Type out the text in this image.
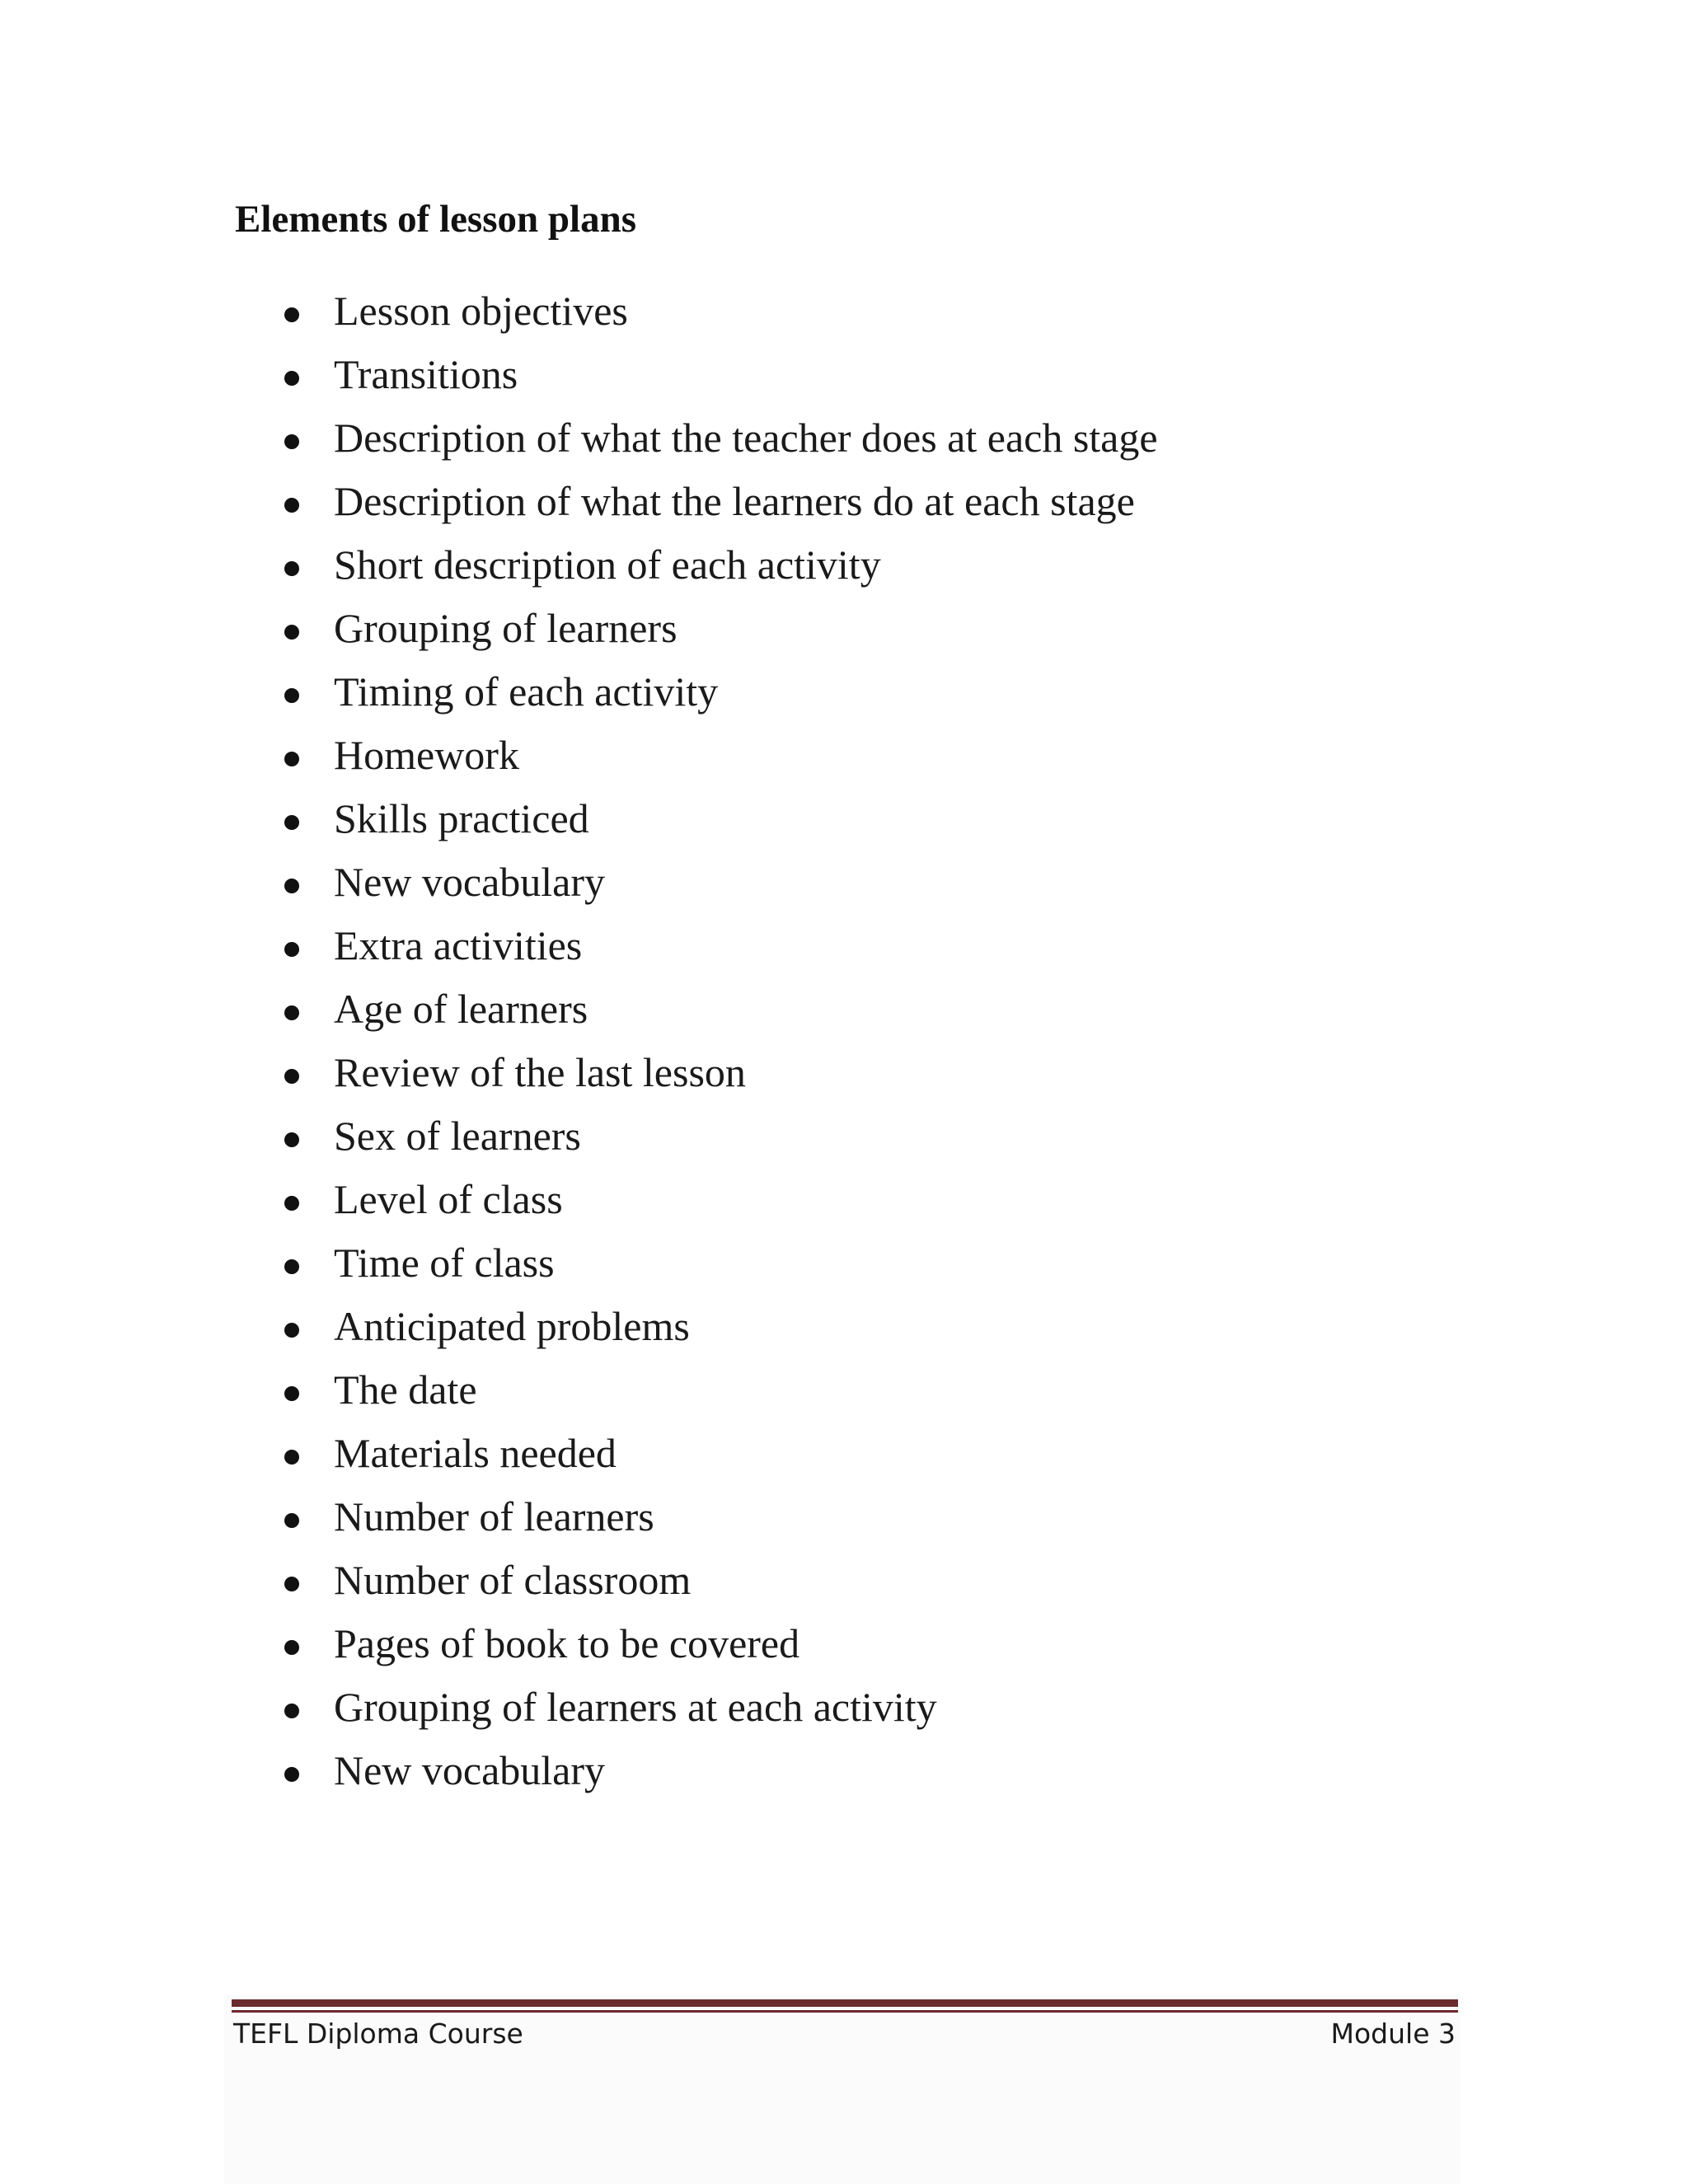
Elements of lesson plans
Lesson objectives
Transitions
Description of what the teacher does at each stage
Description of what the learners do at each stage
Short description of each activity
Grouping of learners
Timing of each activity
Homework
Skills practiced
New vocabulary
Extra activities
Age of learners
Review of the last lesson
Sex of learners
Level of class
Time of class
Anticipated problems
The date
Materials needed
Number of learners
Number of classroom
Pages of book to be covered
Grouping of learners at each activity
New vocabulary
TEFL Diploma Course	Module 3
